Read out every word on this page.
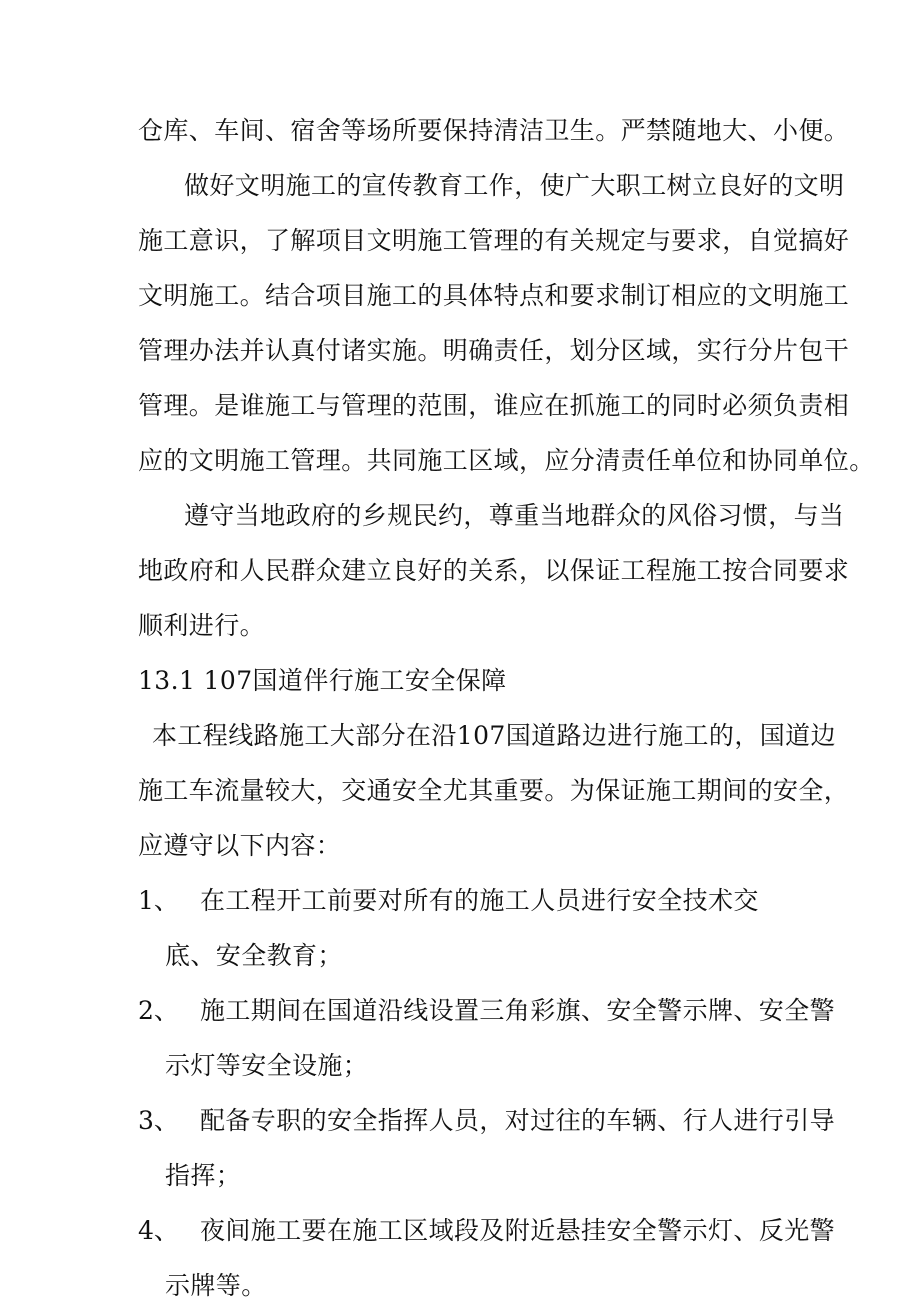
仓库、车间、宿舍等场所要保持清洁卫生。严禁随地大、小便。
做好文明施工的宣传教育工作，使广大职工树立良好的文明
施工意识，了解项目文明施工管理的有关规定与要求，自觉搞好
文明施工。结合项目施工的具体特点和要求制订相应的文明施工
管理办法并认真付诸实施。明确责任，划分区域，实行分片包干
管理。是谁施工与管理的范围，谁应在抓施工的同时必须负责相
应的文明施工管理。共同施工区域，应分清责任单位和协同单位。
遵守当地政府的乡规民约，尊重当地群众的风俗习惯，与当
地政府和人民群众建立良好的关系，以保证工程施工按合同要求
顺利进行。
13.1 107国道伴行施工安全保障
本工程线路施工大部分在沿107国道路边进行施工的，国道边
施工车流量较大，交通安全尤其重要。为保证施工期间的安全，
应遵守以下内容：
1、 在工程开工前要对所有的施工人员进行安全技术交
底、安全教育；
2、 施工期间在国道沿线设置三角彩旗、安全警示牌、安全警
示灯等安全设施；
3、 配备专职的安全指挥人员，对过往的车辆、行人进行引导
指挥；
4、 夜间施工要在施工区域段及附近悬挂安全警示灯、反光警
示牌等。
